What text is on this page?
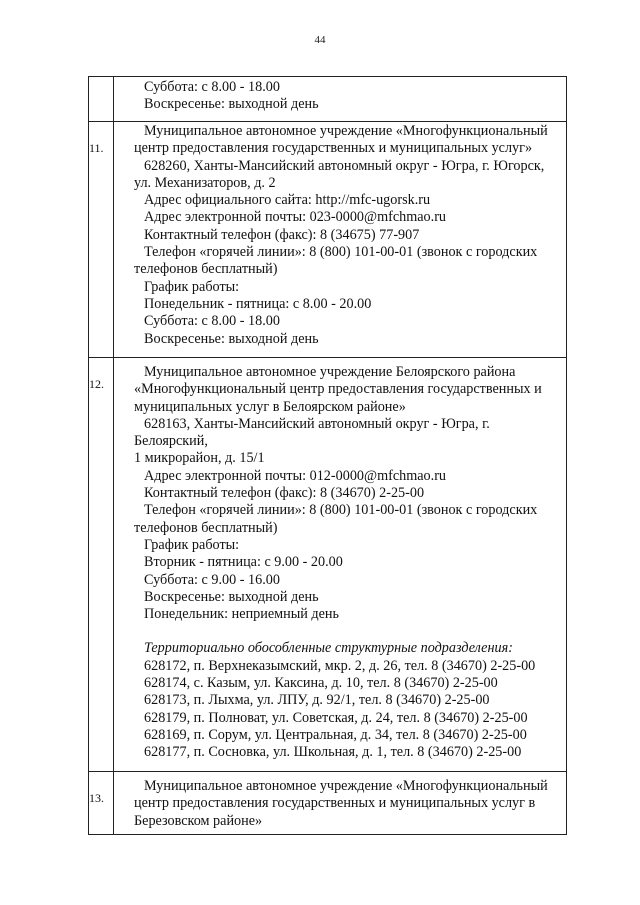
44
Суббота: с 8.00 - 18.00
Воскресенье: выходной день
11.
Муниципальное автономное учреждение «Многофункциональный
центр предоставления государственных и муниципальных услуг»
628260, Ханты-Мансийский автономный округ - Югра, г. Югорск,
ул. Механизаторов, д. 2
Адрес официального сайта: http://mfc-ugorsk.ru
Адрес электронной почты: 023-0000@mfchmao.ru
Контактный телефон (факс): 8 (34675) 77-907
Телефон «горячей линии»: 8 (800) 101-00-01 (звонок с городских
телефонов бесплатный)
График работы:
Понедельник - пятница: с 8.00 - 20.00
Суббота: с 8.00 - 18.00
Воскресенье: выходной день
12.
Муниципальное автономное учреждение Белоярского района
«Многофункциональный центр предоставления государственных и
муниципальных услуг в Белоярском районе»
628163, Ханты-Мансийский автономный округ - Югра, г.
Белоярский,
1 микрорайон, д. 15/1
Адрес электронной почты: 012-0000@mfchmao.ru
Контактный телефон (факс): 8 (34670) 2-25-00
Телефон «горячей линии»: 8 (800) 101-00-01 (звонок с городских
телефонов бесплатный)
График работы:
Вторник - пятница: с 9.00 - 20.00
Суббота: с 9.00 - 16.00
Воскресенье: выходной день
Понедельник: неприемный день
Территориально обособленные структурные подразделения:
628172, п. Верхнеказымский, мкр. 2, д. 26, тел. 8 (34670) 2-25-00
628174, с. Казым, ул. Каксина, д. 10, тел. 8 (34670) 2-25-00
628173, п. Лыхма, ул. ЛПУ, д. 92/1, тел. 8 (34670) 2-25-00
628179, п. Полноват, ул. Советская, д. 24, тел. 8 (34670) 2-25-00
628169, п. Сорум, ул. Центральная, д. 34, тел. 8 (34670) 2-25-00
628177, п. Сосновка, ул. Школьная, д. 1, тел. 8 (34670) 2-25-00
13.
Муниципальное автономное учреждение «Многофункциональный
центр предоставления государственных и муниципальных услуг в
Березовском районе»
